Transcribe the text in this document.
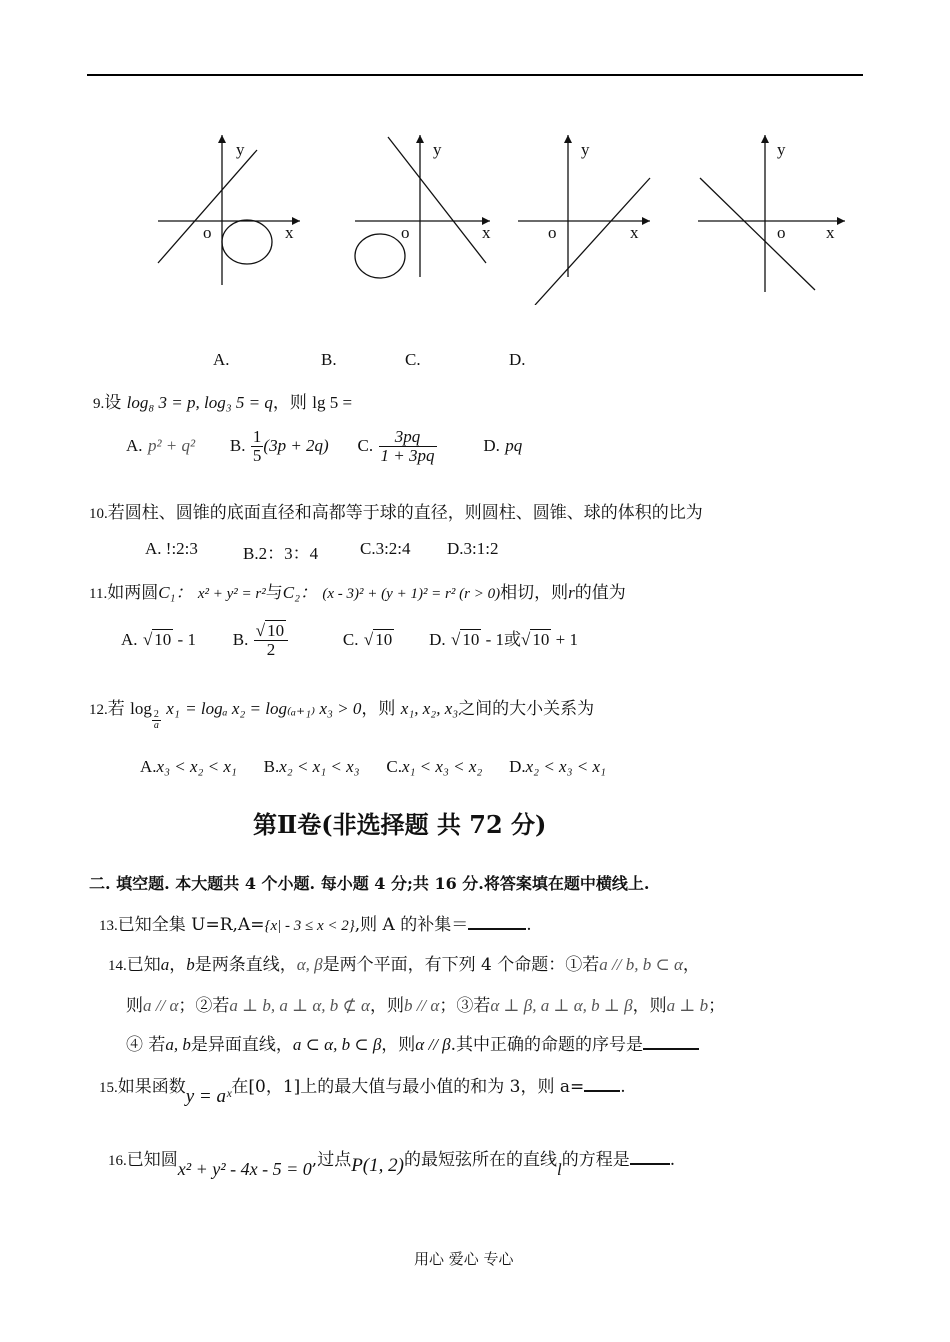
y
o	x
y
o	x
y
o	x
y
o x
A.	B.	C.	D.
9.设 log₈ 3 = p, log₃ 5 = q，则 lg 5 =
A. p² + q² B. $\frac{1}{5} (3p + 2q)$ C. $\frac{3pq}{1 + 3pq}$	D. pq
10.若圆柱、圆锥的底面直径和高都等于球的直径，则圆柱、圆锥、球的体积的比为
A. !:2:3	B.2：3：4 C.3:2:4 D.3:1:2
11.如两圆C₁： x² + y² = r²与C₂： (x - 3)² + (y + 1)² = r² (r > 0)相切，则r的值为
A. √ 10 - 1 B. $\frac{√ 10}{2}$	C. √ 10 D. √ 10 - 1或√ 10 + 1
12.若 log
$\frac{2}{a}$
x₁ = logₐ x₂ = log₍ₐ₊₁₎ x₃ > 0，则 x₁, x₂, x₃之间的大小关系为
A.x₃ < x₂ < x₁ B.x₂ < x₁ < x₃ C.x₁ < x₃ < x₂ D.x₂ < x₃ < x₁
第Ⅱ卷(非选择题 共 72 分)
二. 填空题. 本大题共 4 个小题. 每小题 4 分;共 16 分.将答案填在题中横线上.
13.已知全集 U=R,A={x| - 3 ≤ x < 2},则 A 的补集＝	.
14.已知a，b是两条直线，α, β是两个平面，有下列 4 个命题：①若a // b, b ⊂ α，
则a // α；②若a ⊥ b, a ⊥ α, b ⊄ α，则b // α；③若α ⊥ β, a ⊥ α, b ⊥ β，则a ⊥ b；
④ 若a, b是异面直线，a ⊂ α, b ⊂ β，则α // β.其中正确的命题的序号是
15.如果函数y = aˣ在[0，1]上的最大值与最小值的和为 3，则 a= .
16.已知圆x² + y² - 4x - 5 = 0,过点P(1, 2)的最短弦所在的直线l的方程是 .
用心 爱心 专心
